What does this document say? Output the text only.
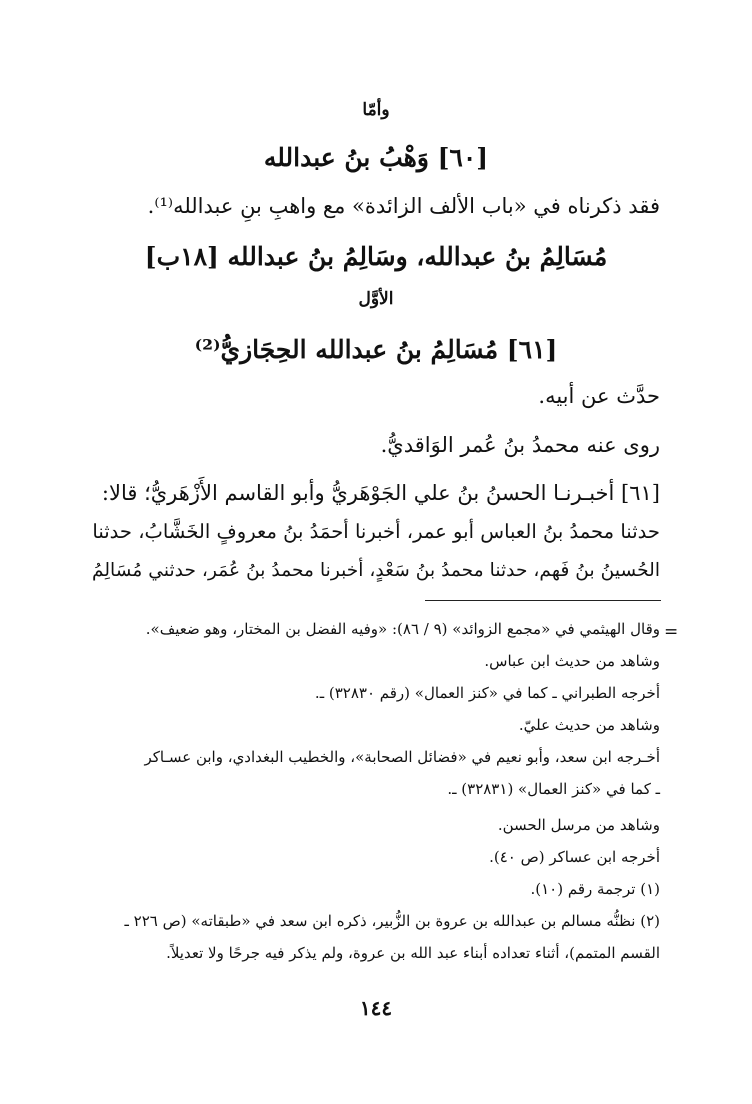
وأمّا
[٦٠] وَهْبُ بنُ عبدالله
فقد ذكرناه في «باب الألف الزائدة» مع واهبِ بنِ عبدالله⁽¹⁾.
مُسَالِمُ بنُ عبدالله، وسَالِمُ بنُ عبدالله [١٨ب]
الأوَّل
[٦١] مُسَالِمُ بنُ عبدالله الحِجَازيُّ⁽²⁾
حدَّث عن أبيه.
روى عنه محمدُ بنُ عُمر الوَاقديُّ.
[٦١] أخبـرنـا الحسنُ بنُ علي الجَوْهَريُّ وأبو القاسم الأَزْهَريُّ؛ قالا:
حدثنا محمدُ بنُ العباس أبو عمر، أخبرنا أحمَدُ بنُ معروفٍ الخَشَّابُ، حدثنا
الحُسينُ بنُ فَهم، حدثنا محمدُ بنُ سَعْدٍ، أخبرنا محمدُ بنُ عُمَر، حدثني مُسَالِمُ
=
وقال الهيثمي في «مجمع الزوائد» (٩ / ٨٦): «وفيه الفضل بن المختار، وهو ضعيف».
وشاهد من حديث ابن عباس.
أخرجه الطبراني ـ كما في «كنز العمال» (رقم ٣٢٨٣٠) ـ.
وشاهد من حديث عليّ.
أخـرجه ابن سعد، وأبو نعيم في «فضائل الصحابة»، والخطيب البغدادي، وابن عسـاكر
ـ كما في «كنز العمال» (٣٢٨٣١) ـ.
وشاهد من مرسل الحسن.
أخرجه ابن عساكر (ص ٤٠).
(١) ترجمة رقم (١٠).
(٢) نظنُّه مسالم بن عبدالله بن عروة بن الزُّبير، ذكره ابن سعد في «طبقاته» (ص ٢٢٦ ـ
القسم المتمم)، أثناء تعداده أبناء عبد الله بن عروة، ولم يذكر فيه جرحًا ولا تعديلاً.
١٤٤
